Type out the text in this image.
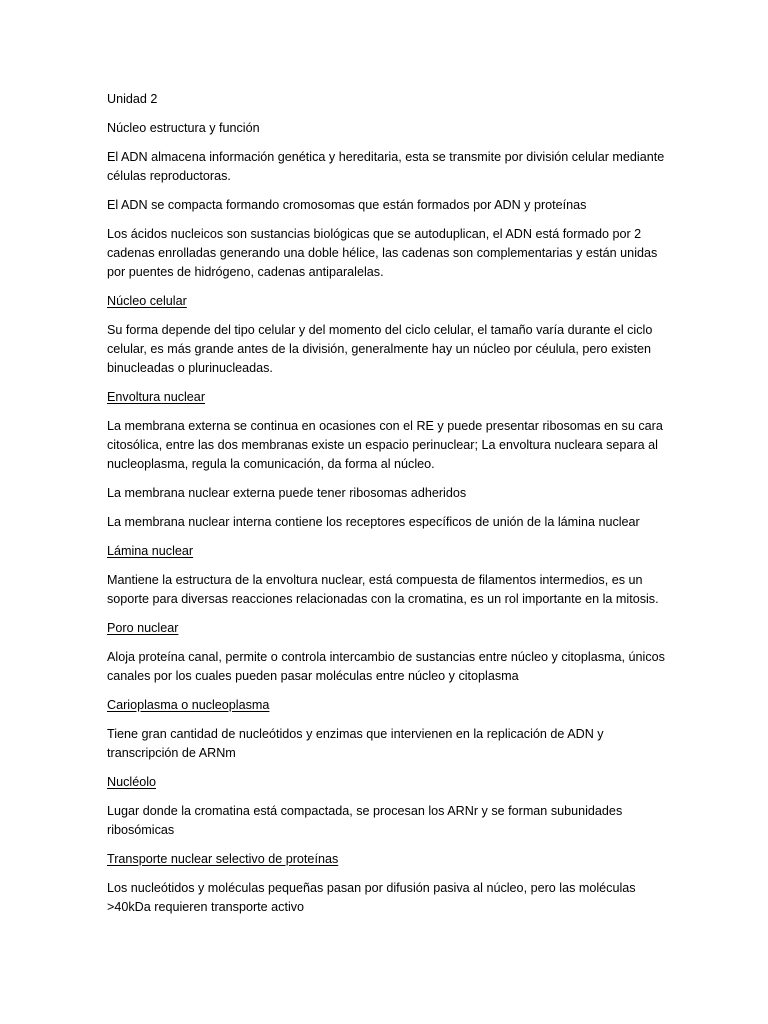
Unidad 2

Núcleo estructura y función

El ADN almacena información genética y hereditaria, esta se transmite por división celular mediante células reproductoras.

El ADN se compacta formando cromosomas que están formados por ADN y proteínas

Los ácidos nucleicos son sustancias biológicas que se autoduplican, el ADN está formado por 2 cadenas enrolladas generando una doble hélice, las cadenas son complementarias y están unidas por puentes de hidrógeno, cadenas antiparalelas.

Núcleo celular

Su forma depende del tipo celular y del momento del ciclo celular, el tamaño varía durante el ciclo celular, es más grande antes de la división, generalmente hay un núcleo por céulula, pero existen binucleadas o plurinucleadas.

Envoltura nuclear

La membrana externa se continua en ocasiones con el RE y puede presentar ribosomas en su cara citosólica, entre las dos membranas existe un espacio perinuclear; La envoltura nucleara separa al nucleoplasma, regula la comunicación, da forma al núcleo.

La membrana nuclear externa puede tener ribosomas adheridos

La membrana nuclear interna contiene los receptores específicos de unión de la lámina nuclear

Lámina nuclear

Mantiene la estructura de la envoltura nuclear, está compuesta de filamentos intermedios, es un soporte para diversas reacciones relacionadas con la cromatina, es un rol importante en la mitosis.

Poro nuclear

Aloja proteína canal, permite o controla intercambio de sustancias entre núcleo y citoplasma, únicos canales por los cuales pueden pasar moléculas entre núcleo y citoplasma

Carioplasma o nucleoplasma

Tiene gran cantidad de nucleótidos y enzimas que intervienen en la replicación de ADN y transcripción de ARNm

Nucléolo

Lugar donde la cromatina está compactada, se procesan los ARNr y se forman subunidades ribosómicas

Transporte nuclear selectivo de proteínas

Los nucleótidos y moléculas pequeñas pasan por difusión pasiva al núcleo, pero las moléculas >40kDa requieren transporte activo
